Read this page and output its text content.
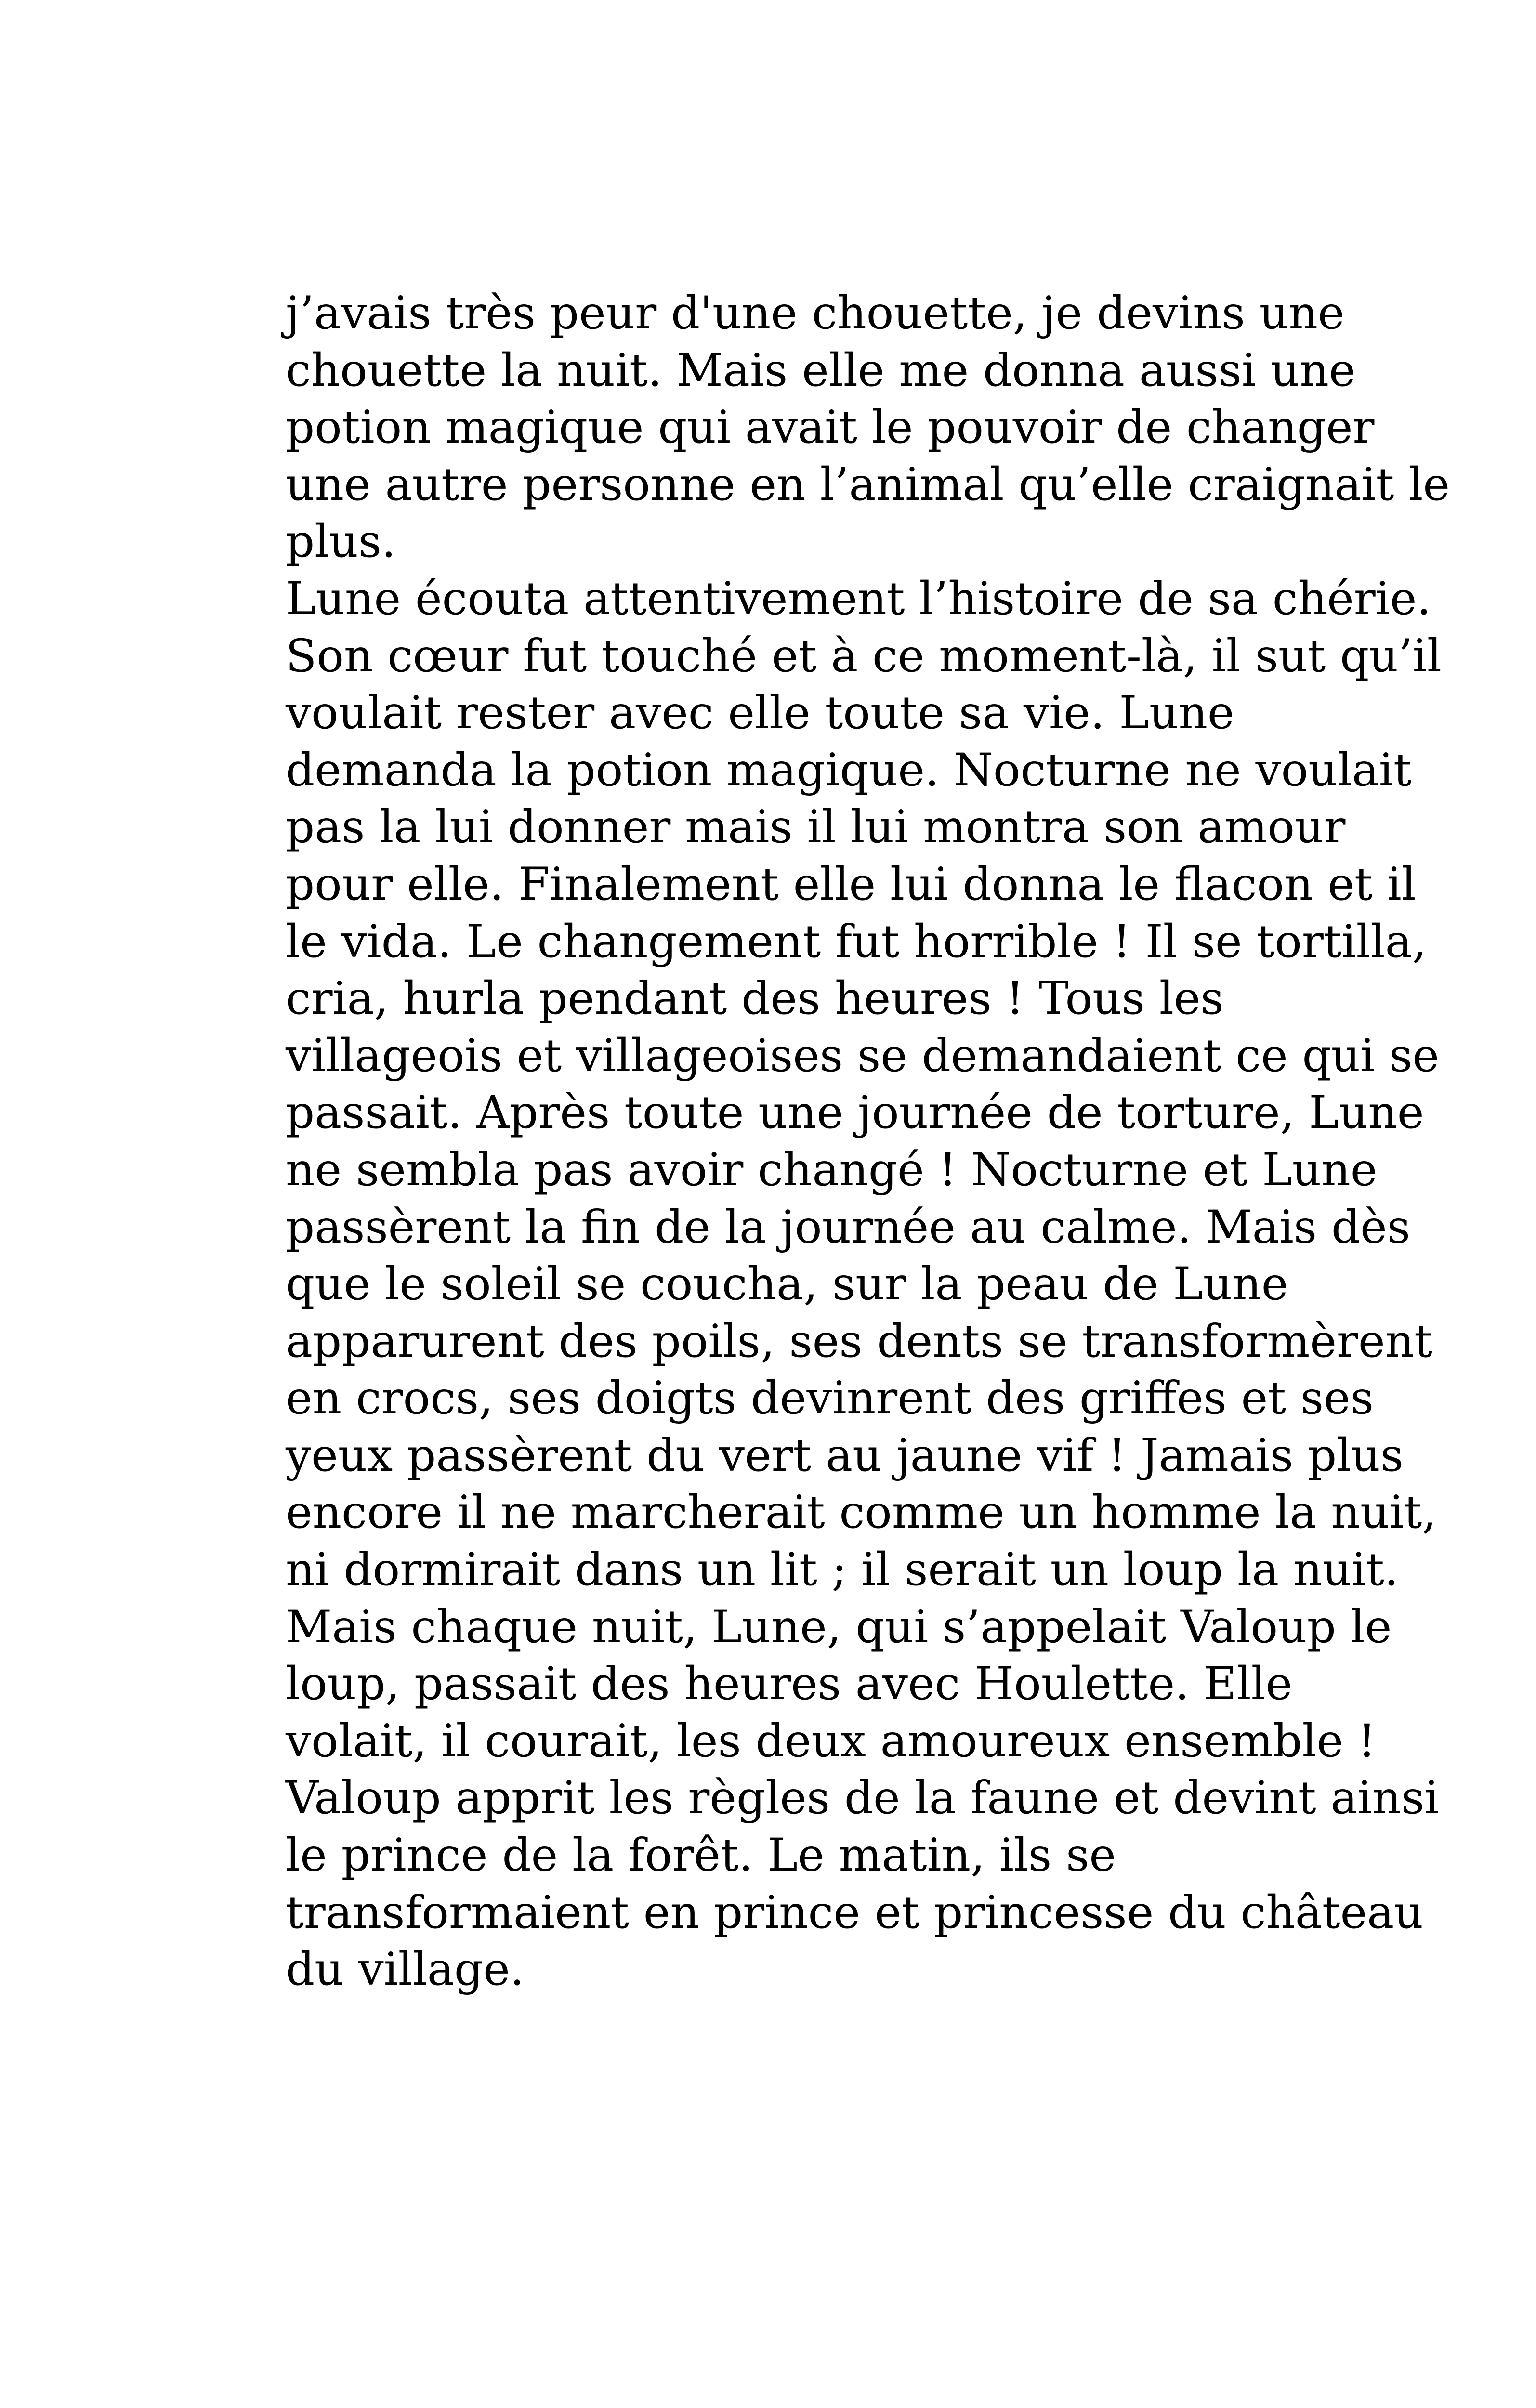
j’avais très peur d'une chouette, je devins une
chouette la nuit. Mais elle me donna aussi une
potion magique qui avait le pouvoir de changer
une autre personne en l’animal qu’elle craignait le
plus.
Lune écouta attentivement l’histoire de sa chérie.
Son cœur fut touché et à ce moment-là, il sut qu’il
voulait rester avec elle toute sa vie. Lune
demanda la potion magique. Nocturne ne voulait
pas la lui donner mais il lui montra son amour
pour elle. Finalement elle lui donna le flacon et il
le vida. Le changement fut horrible ! Il se tortilla,
cria, hurla pendant des heures ! Tous les
villageois et villageoises se demandaient ce qui se
passait. Après toute une journée de torture, Lune
ne sembla pas avoir changé ! Nocturne et Lune
passèrent la fin de la journée au calme. Mais dès
que le soleil se coucha, sur la peau de Lune
apparurent des poils, ses dents se transformèrent
en crocs, ses doigts devinrent des griffes et ses
yeux passèrent du vert au jaune vif ! Jamais plus
encore il ne marcherait comme un homme la nuit,
ni dormirait dans un lit ; il serait un loup la nuit.
Mais chaque nuit, Lune, qui s’appelait Valoup le
loup, passait des heures avec Houlette. Elle
volait, il courait, les deux amoureux ensemble !
Valoup apprit les règles de la faune et devint ainsi
le prince de la forêt. Le matin, ils se
transformaient en prince et princesse du château
du village.
